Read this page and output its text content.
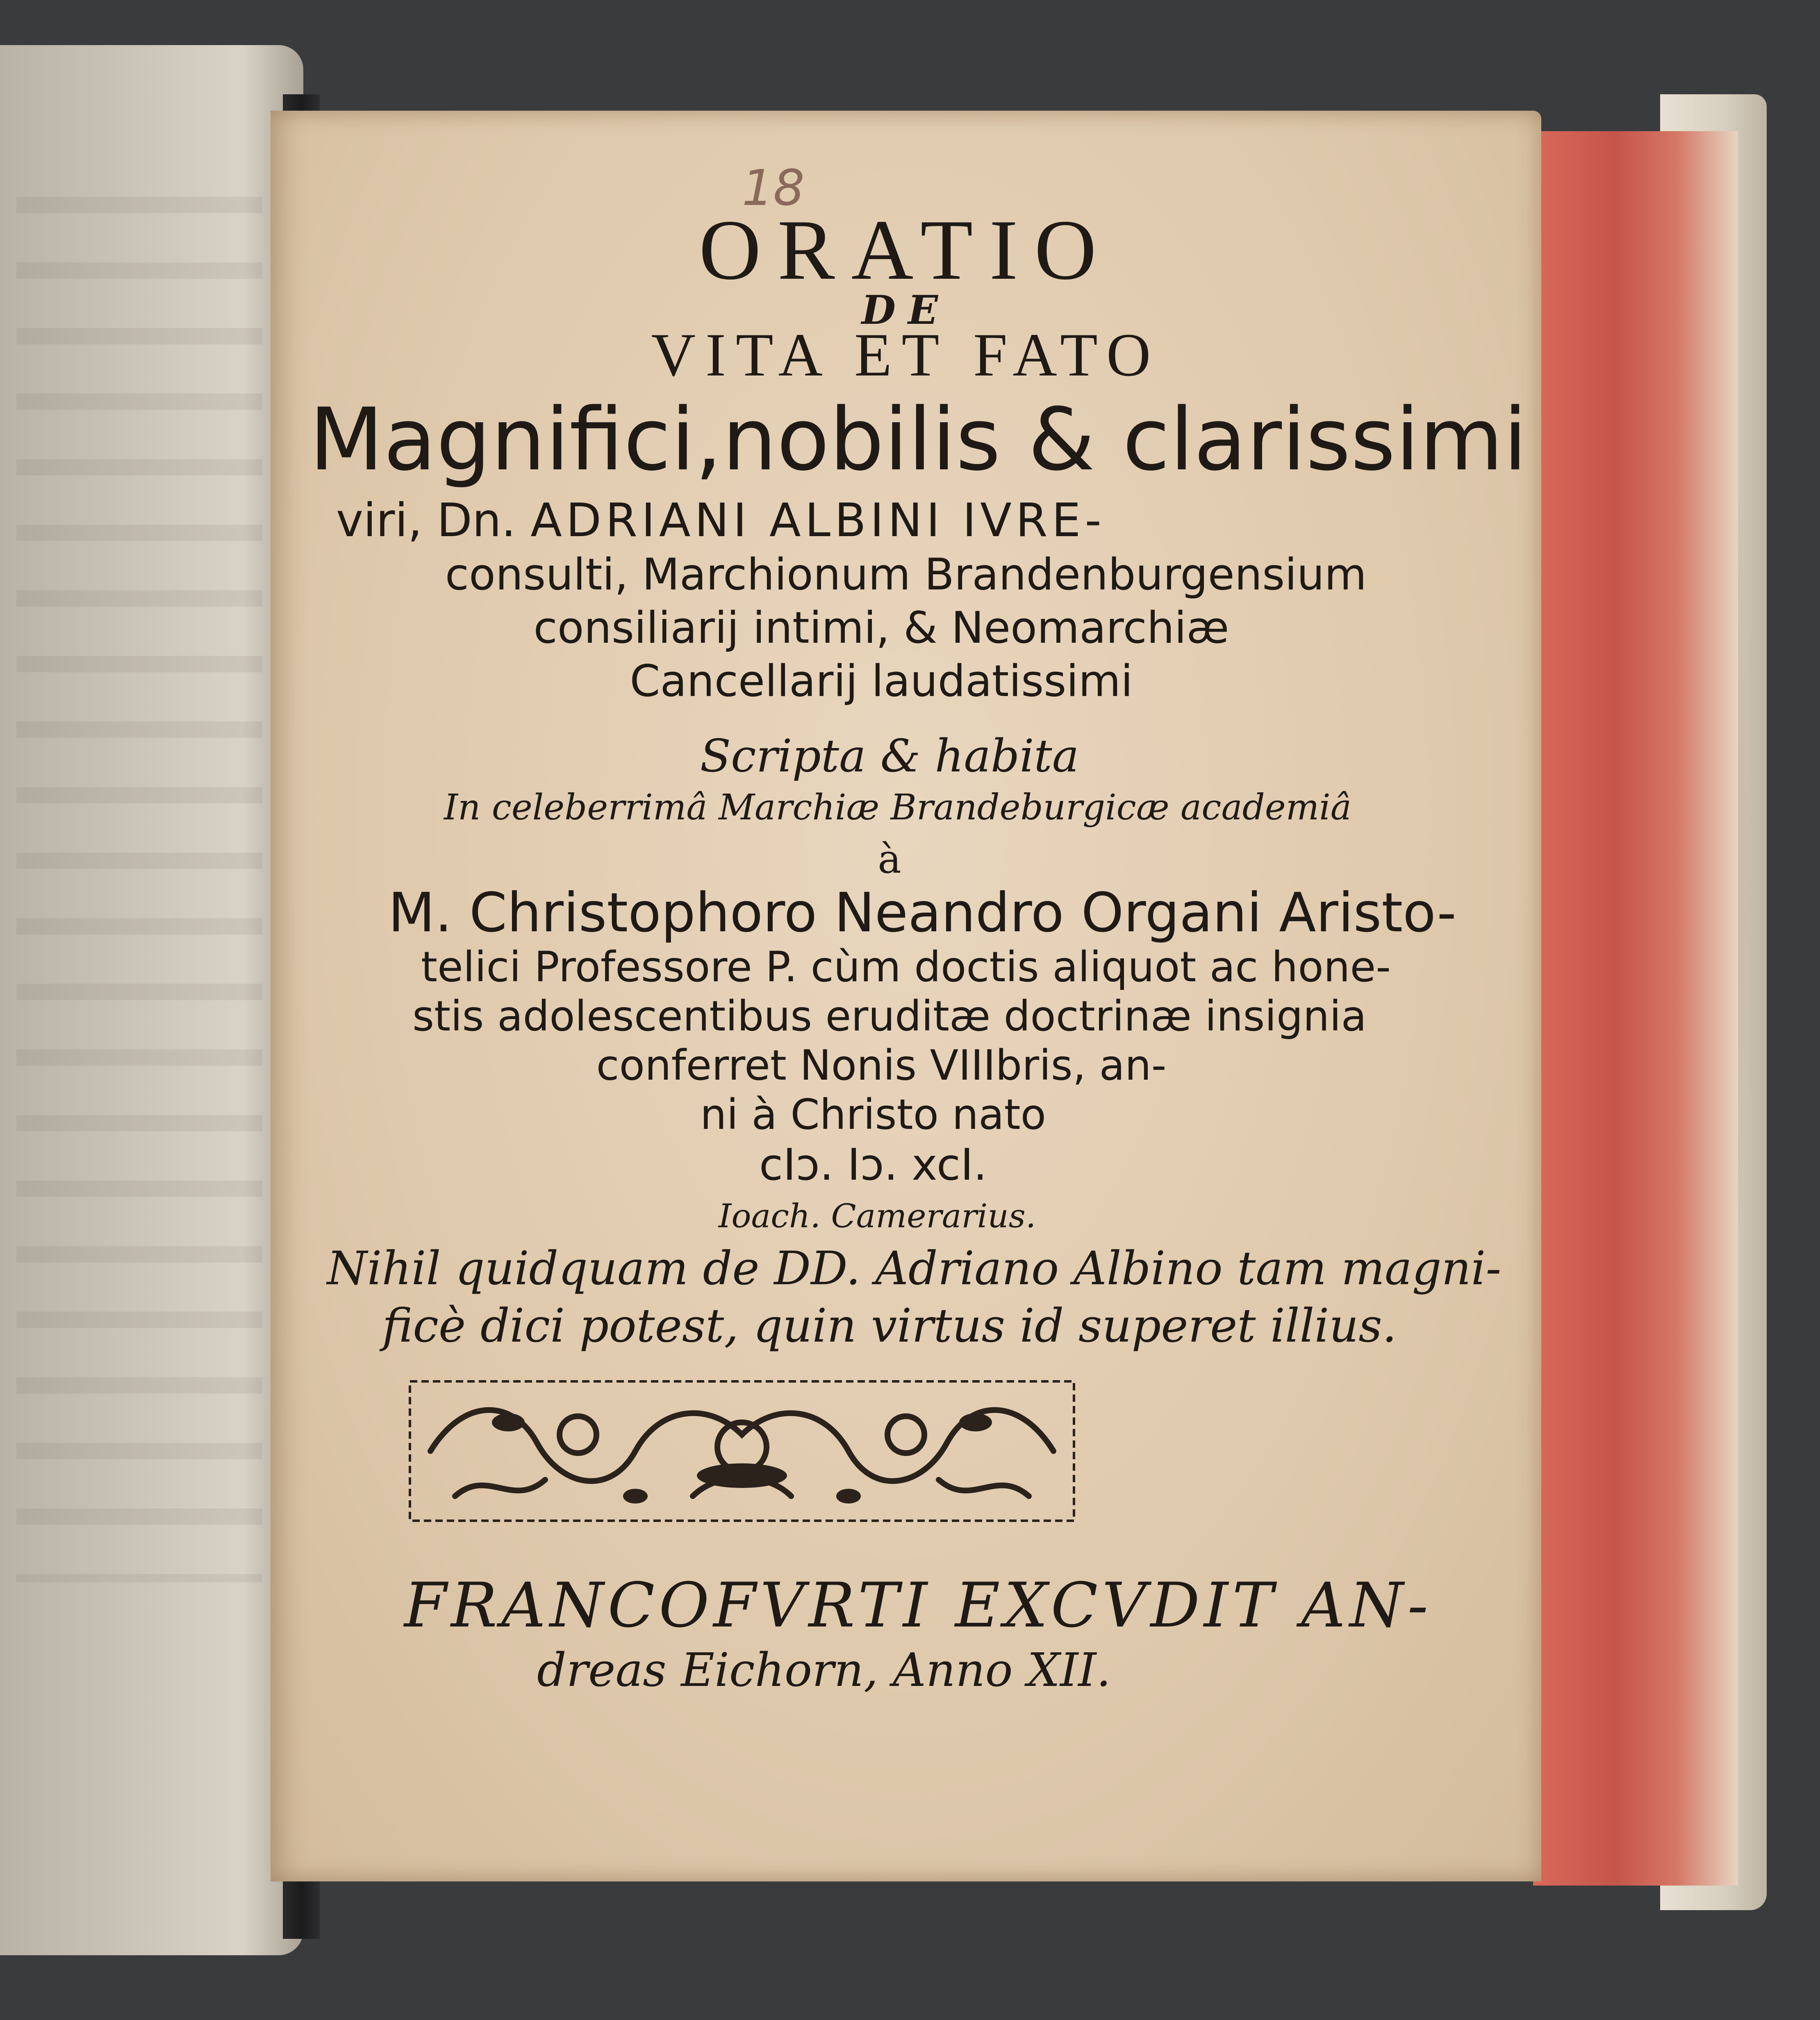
18
ORATIO
DE
VITA ET FATO
Magnifici,nobilis & clarissimi
viri, Dn. ADRIANI ALBINI IVRE-
consulti, Marchionum Brandenburgensium
consiliarij intimi, & Neomarchiæ
Cancellarij laudatissimi
Scripta & habita
In celeberrimâ Marchiæ Brandeburgicæ academiâ
à
M. Christophoro Neandro Organi Aristo-
telici Professore P. cùm doctis aliquot ac hone-
stis adolescentibus eruditæ doctrinæ insignia
conferret Nonis VIIIbris, an-
ni à Christo nato
cIↄ. Iↄ. xcI.
Ioach. Camerarius.
Nihil quidquam de DD. Adriano Albino tam magni-
ficè dici potest, quin virtus id superet illius.
FRANCOFVRTI EXCVDIT AN-
dreas Eichorn, Anno XII.
